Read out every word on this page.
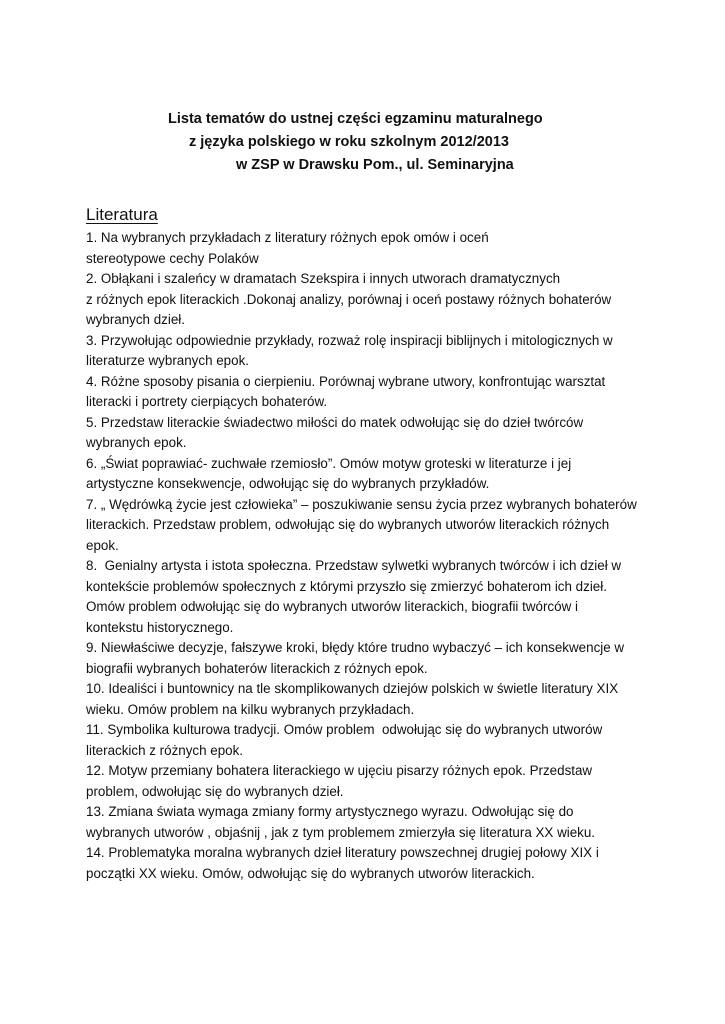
Lista tematów do ustnej części egzaminu maturalnego
z języka polskiego w roku szkolnym 2012/2013
w ZSP w Drawsku Pom., ul. Seminaryjna
Literatura
1. Na wybranych przykładach z literatury różnych epok omów i oceń
stereotypowe cechy Polaków
2. Obłąkani i szaleńcy w dramatach Szekspira i innych utworach dramatycznych
z różnych epok literackich .Dokonaj analizy, porównaj i oceń postawy różnych bohaterów
wybranych dzieł.
3. Przywołując odpowiednie przykłady, rozważ rolę inspiracji biblijnych i mitologicznych w
literaturze wybranych epok.
4. Różne sposoby pisania o cierpieniu. Porównaj wybrane utwory, konfrontując warsztat
literacki i portrety cierpiących bohaterów.
5. Przedstaw literackie świadectwo miłości do matek odwołując się do dzieł twórców
wybranych epok.
6. „Świat poprawiać- zuchwałe rzemiosło”. Omów motyw groteski w literaturze i jej
artystyczne konsekwencje, odwołując się do wybranych przykładów.
7. „ Wędrówką życie jest człowieka” – poszukiwanie sensu życia przez wybranych bohaterów
literackich. Przedstaw problem, odwołując się do wybranych utworów literackich różnych
epok.
8.  Genialny artysta i istota społeczna. Przedstaw sylwetki wybranych twórców i ich dzieł w
kontekście problemów społecznych z którymi przyszło się zmierzyć bohaterom ich dzieł.
Omów problem odwołując się do wybranych utworów literackich, biografii twórców i
kontekstu historycznego.
9. Niewłaściwe decyzje, fałszywe kroki, błędy które trudno wybaczyć – ich konsekwencje w
biografii wybranych bohaterów literackich z różnych epok.
10. Idealiści i buntownicy na tle skomplikowanych dziejów polskich w świetle literatury XIX
wieku. Omów problem na kilku wybranych przykładach.
11. Symbolika kulturowa tradycji. Omów problem  odwołując się do wybranych utworów
literackich z różnych epok.
12. Motyw przemiany bohatera literackiego w ujęciu pisarzy różnych epok. Przedstaw
problem, odwołując się do wybranych dzieł.
13. Zmiana świata wymaga zmiany formy artystycznego wyrazu. Odwołując się do
wybranych utworów , objaśnij , jak z tym problemem zmierzyła się literatura XX wieku.
14. Problematyka moralna wybranych dzieł literatury powszechnej drugiej połowy XIX i
początki XX wieku. Omów, odwołując się do wybranych utworów literackich.
